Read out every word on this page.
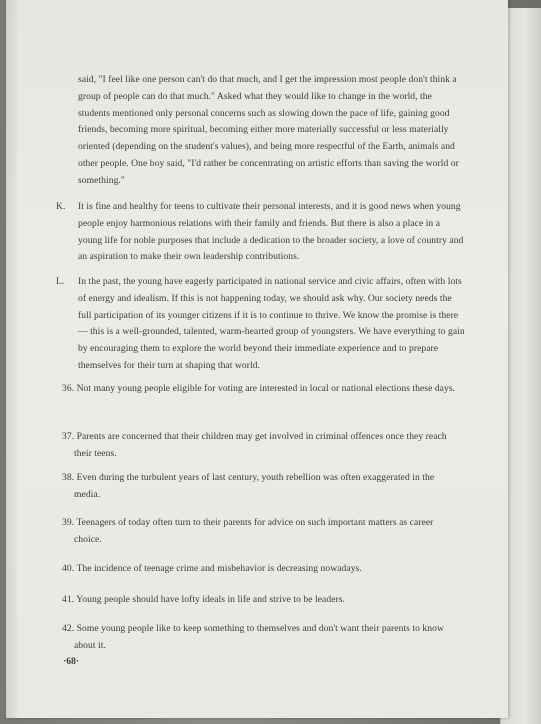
said, "I feel like one person can't do that much, and I get the impression most people don't think a group of people can do that much." Asked what they would like to change in the world, the students mentioned only personal concerns such as slowing down the pace of life, gaining good friends, becoming more spiritual, becoming either more materially successful or less materially oriented (depending on the student's values), and being more respectful of the Earth, animals and other people. One boy said, "I'd rather be concentrating on artistic efforts than saving the world or something."

K. It is fine and healthy for teens to cultivate their personal interests, and it is good news when young people enjoy harmonious relations with their family and friends. But there is also a place in a young life for noble purposes that include a dedication to the broader society, a love of country and an aspiration to make their own leadership contributions.

L. In the past, the young have eagerly participated in national service and civic affairs, often with lots of energy and idealism. If this is not happening today, we should ask why. Our society needs the full participation of its younger citizens if it is to continue to thrive. We know the promise is there — this is a well-grounded, talented, warm-hearted group of youngsters. We have everything to gain by encouraging them to explore the world beyond their immediate experience and to prepare themselves for their turn at shaping that world.

36. Not many young people eligible for voting are interested in local or national elections these days.

37. Parents are concerned that their children may get involved in criminal offences once they reach their teens.

38. Even during the turbulent years of last century, youth rebellion was often exaggerated in the media.

39. Teenagers of today often turn to their parents for advice on such important matters as career choice.

40. The incidence of teenage crime and misbehavior is decreasing nowadays.

41. Young people should have lofty ideals in life and strive to be leaders.

42. Some young people like to keep something to themselves and don't want their parents to know about it.

·68·
